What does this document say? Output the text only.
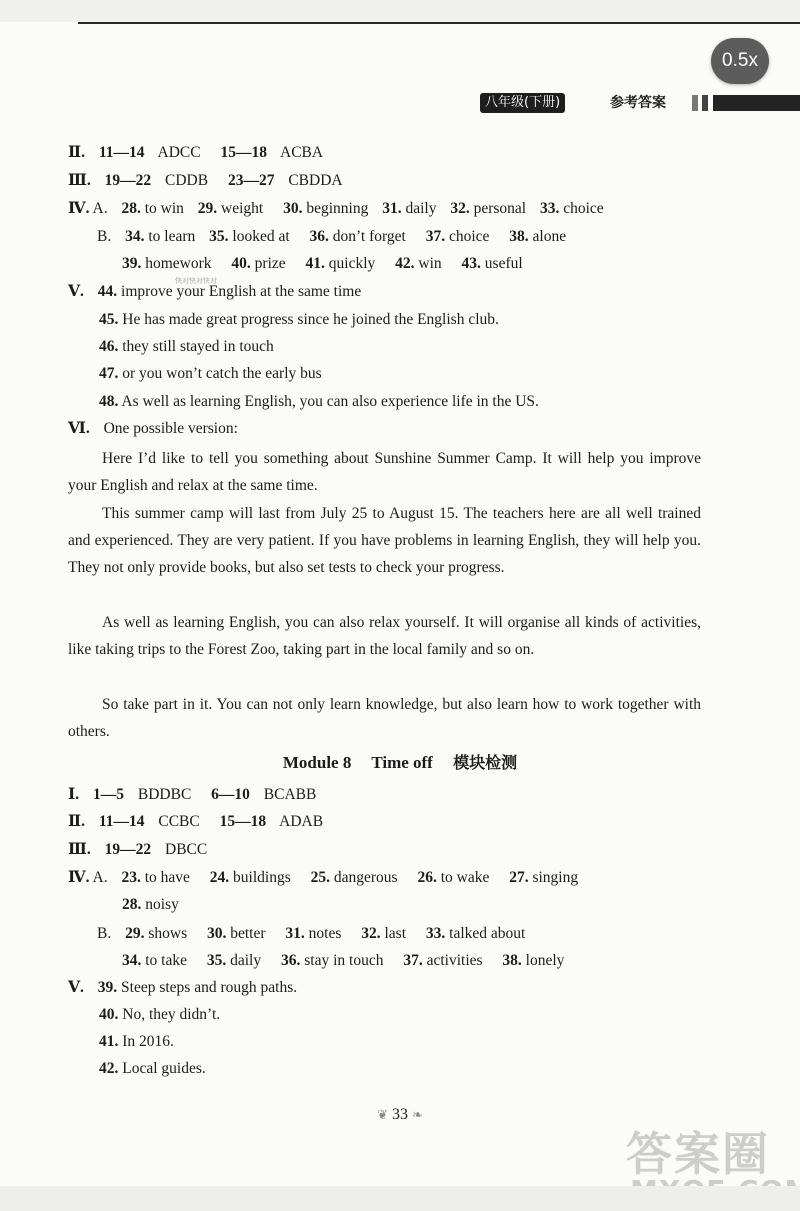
0.5x
八年级(下册)	参考答案
Ⅱ. 11—14 ADCC 15—18 ACBA
Ⅲ. 19—22 CDDB 23—27 CBDDA
Ⅳ. A. 28. to win 29. weight 30. beginning 31. daily 32. personal 33. choice
B. 34. to learn 35. looked at 36. don’t forget 37. choice 38. alone
39. homework 40. prize 41. quickly 42. win 43. useful
快对快对快对
Ⅴ. 44. improve your English at the same time
45. He has made great progress since he joined the English club.
46. they still stayed in touch
47. or you won’t catch the early bus
48. As well as learning English, you can also experience life in the US.
Ⅵ. One possible version:
Here I’d like to tell you something about Sunshine Summer Camp. It will help you improve your English and relax at the same time.
This summer camp will last from July 25 to August 15. The teachers here are all well trained and experienced. They are very patient. If you have problems in learning English, they will help you. They not only provide books, but also set tests to check your progress.
As well as learning English, you can also relax yourself. It will organise all kinds of activities, like taking trips to the Forest Zoo, taking part in the local family and so on.
So take part in it. You can not only learn knowledge, but also learn how to work together with others.
Module 8 Time off 模块检测
Ⅰ. 1—5 BDDBC 6—10 BCABB
Ⅱ. 11—14 CCBC 15—18 ADAB
Ⅲ. 19—22 DBCC
Ⅳ. A. 23. to have 24. buildings 25. dangerous 26. to wake 27. singing
28. noisy
B. 29. shows 30. better 31. notes 32. last 33. talked about
34. to take 35. daily 36. stay in touch 37. activities 38. lonely
Ⅴ. 39. Steep steps and rough paths.
40. No, they didn’t.
41. In 2016.
42. Local guides.
❦ 33 ❧
答案圈
